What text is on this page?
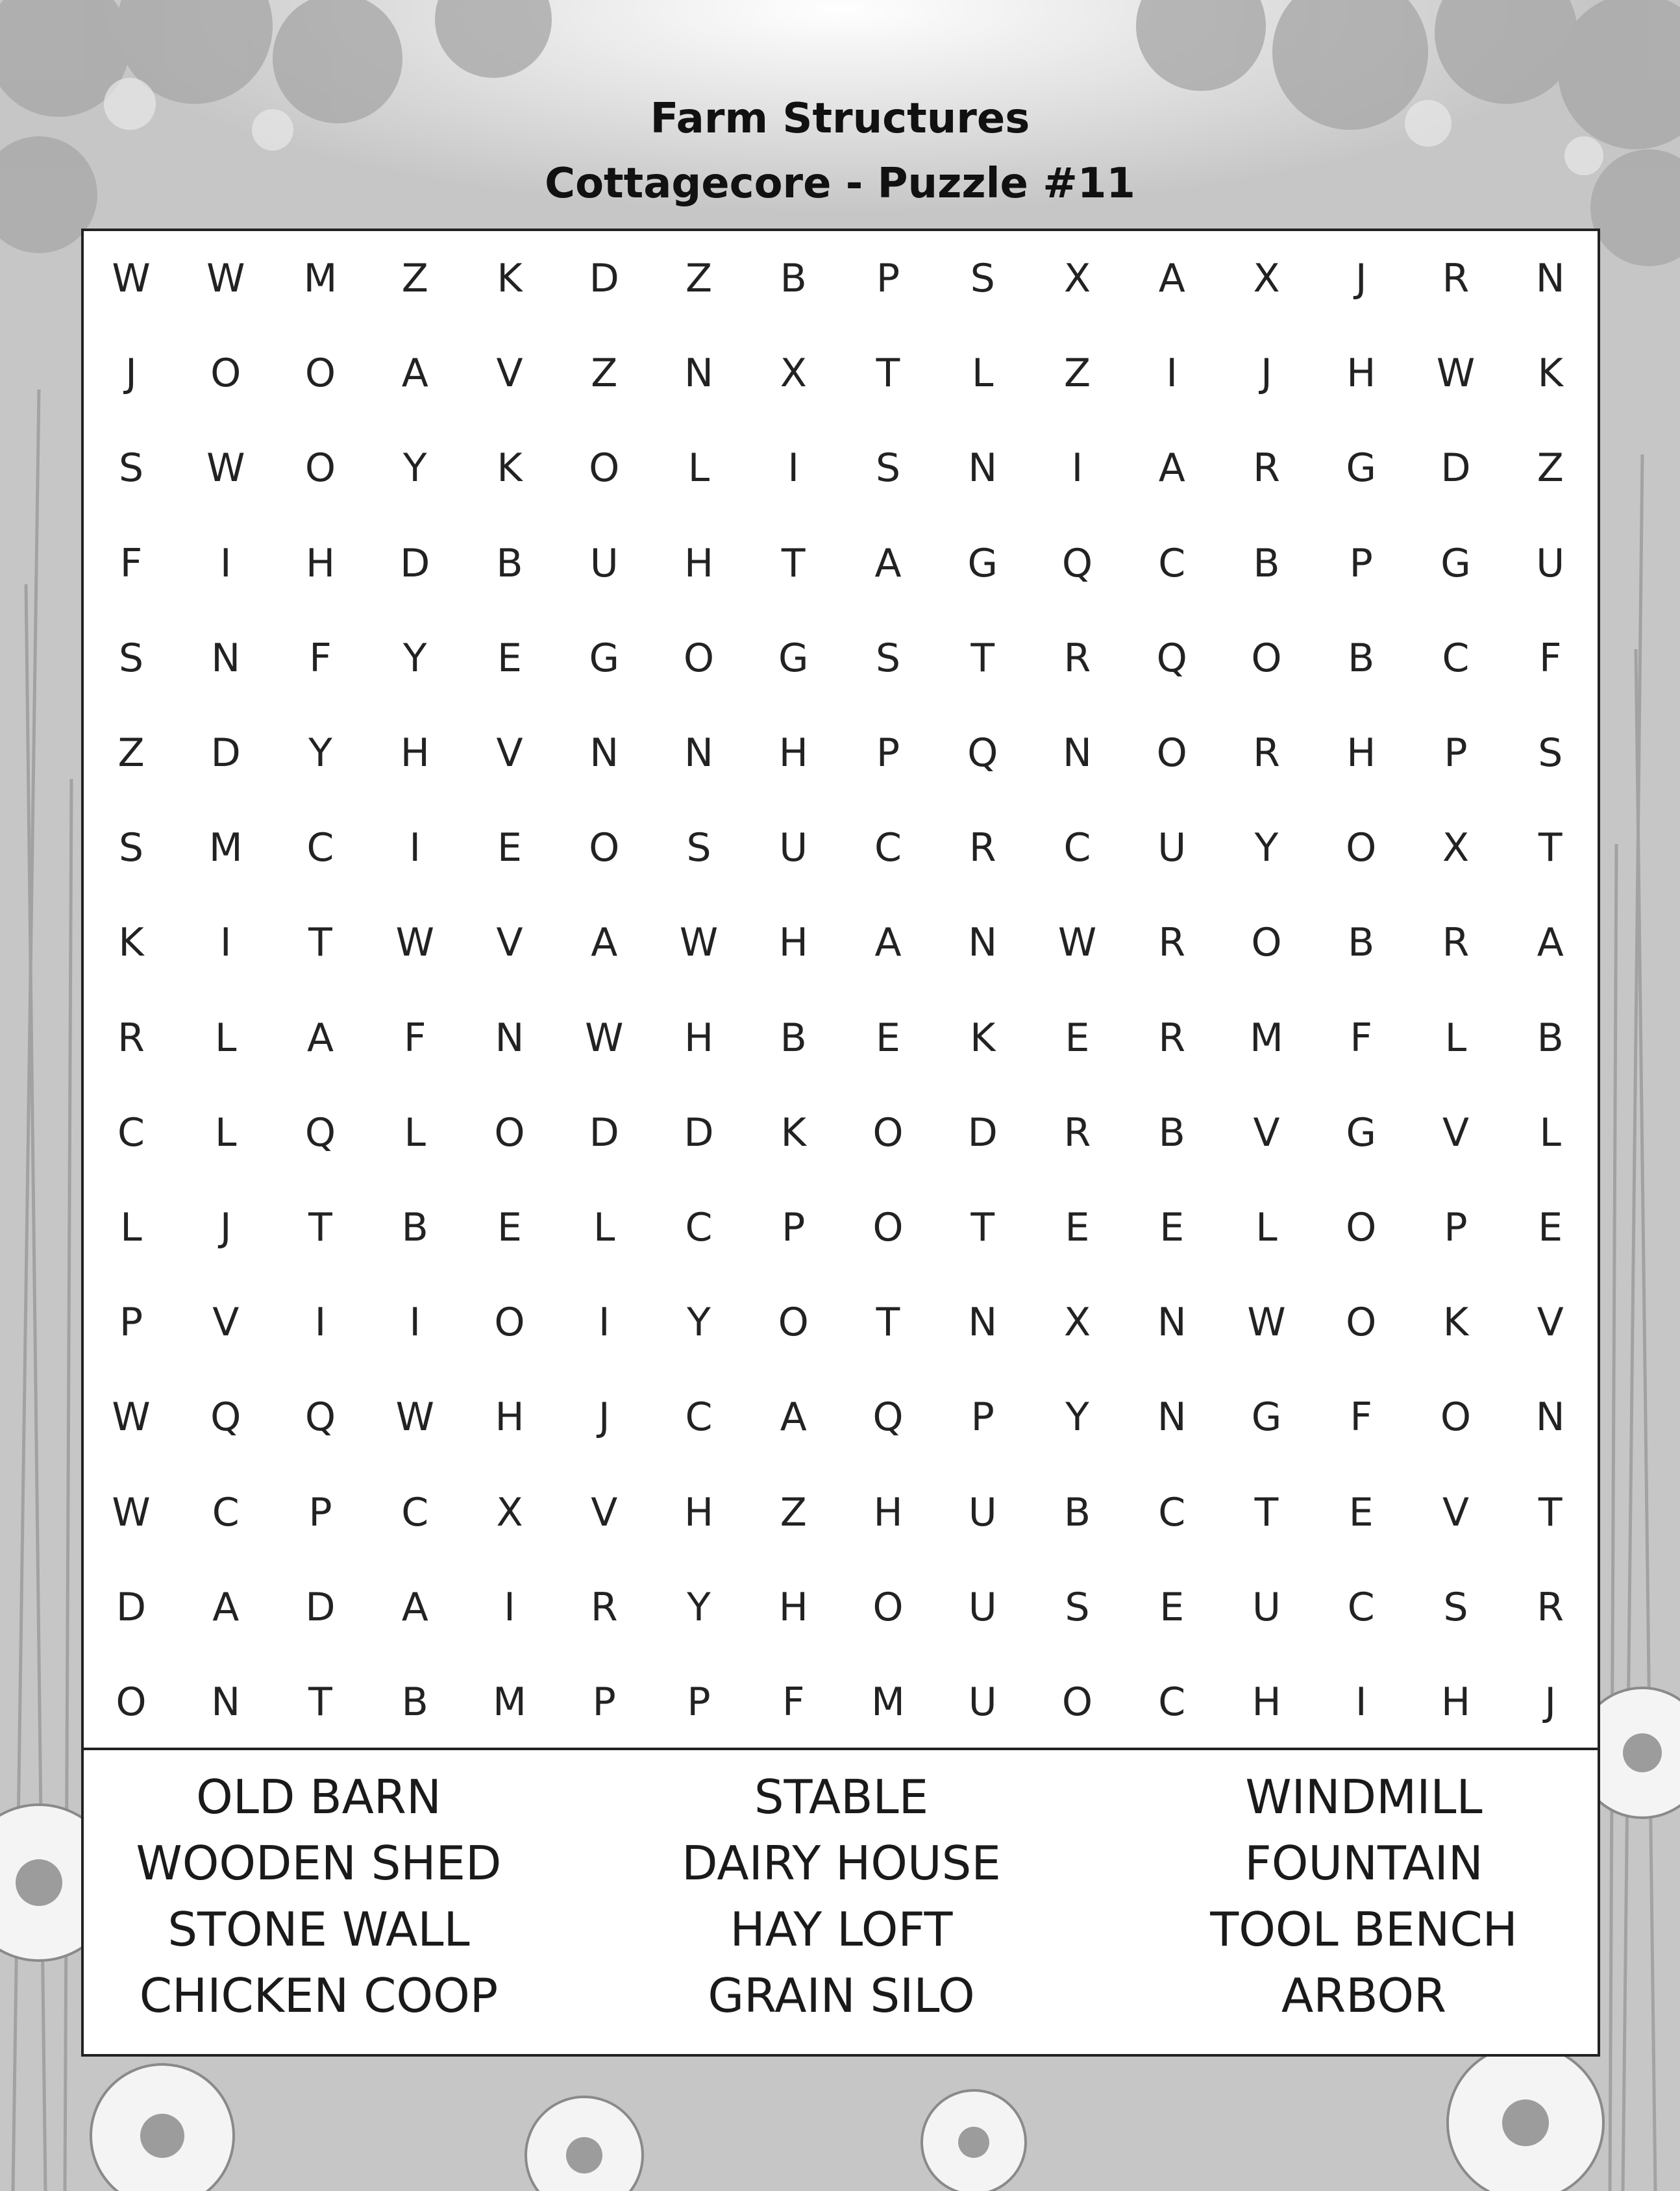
Farm Structures
Cottagecore - Puzzle #11
W	W	M	Z	K	D	Z	B	P	S	X	A	X	J	R	N
J	O	O	A	V	Z	N	X	T	L	Z	I	J	H	W	K
S	W	O	Y	K	O	L	I	S	N	I	A	R	G	D	Z
F	I	H	D	B	U	H	T	A	G	Q	C	B	P	G	U
S	N	F	Y	E	G	O	G	S	T	R	Q	O	B	C	F
Z	D	Y	H	V	N	N	H	P	Q	N	O	R	H	P	S
S	M	C	I	E	O	S	U	C	R	C	U	Y	O	X	T
K	I	T	W	V	A	W	H	A	N	W	R	O	B	R	A
R	L	A	F	N	W	H	B	E	K	E	R	M	F	L	B
C	L	Q	L	O	D	D	K	O	D	R	B	V	G	V	L
L	J	T	B	E	L	C	P	O	T	E	E	L	O	P	E
P	V	I	I	O	I	Y	O	T	N	X	N	W	O	K	V
W	Q	Q	W	H	J	C	A	Q	P	Y	N	G	F	O	N
W	C	P	C	X	V	H	Z	H	U	B	C	T	E	V	T
D	A	D	A	I	R	Y	H	O	U	S	E	U	C	S	R
O	N	T	B	M	P	P	F	M	U	O	C	H	I	H	J
OLD BARN
WOODEN SHED
STONE WALL
CHICKEN COOP
STABLE
DAIRY HOUSE
HAY LOFT
GRAIN SILO
WINDMILL
FOUNTAIN
TOOL BENCH
ARBOR
